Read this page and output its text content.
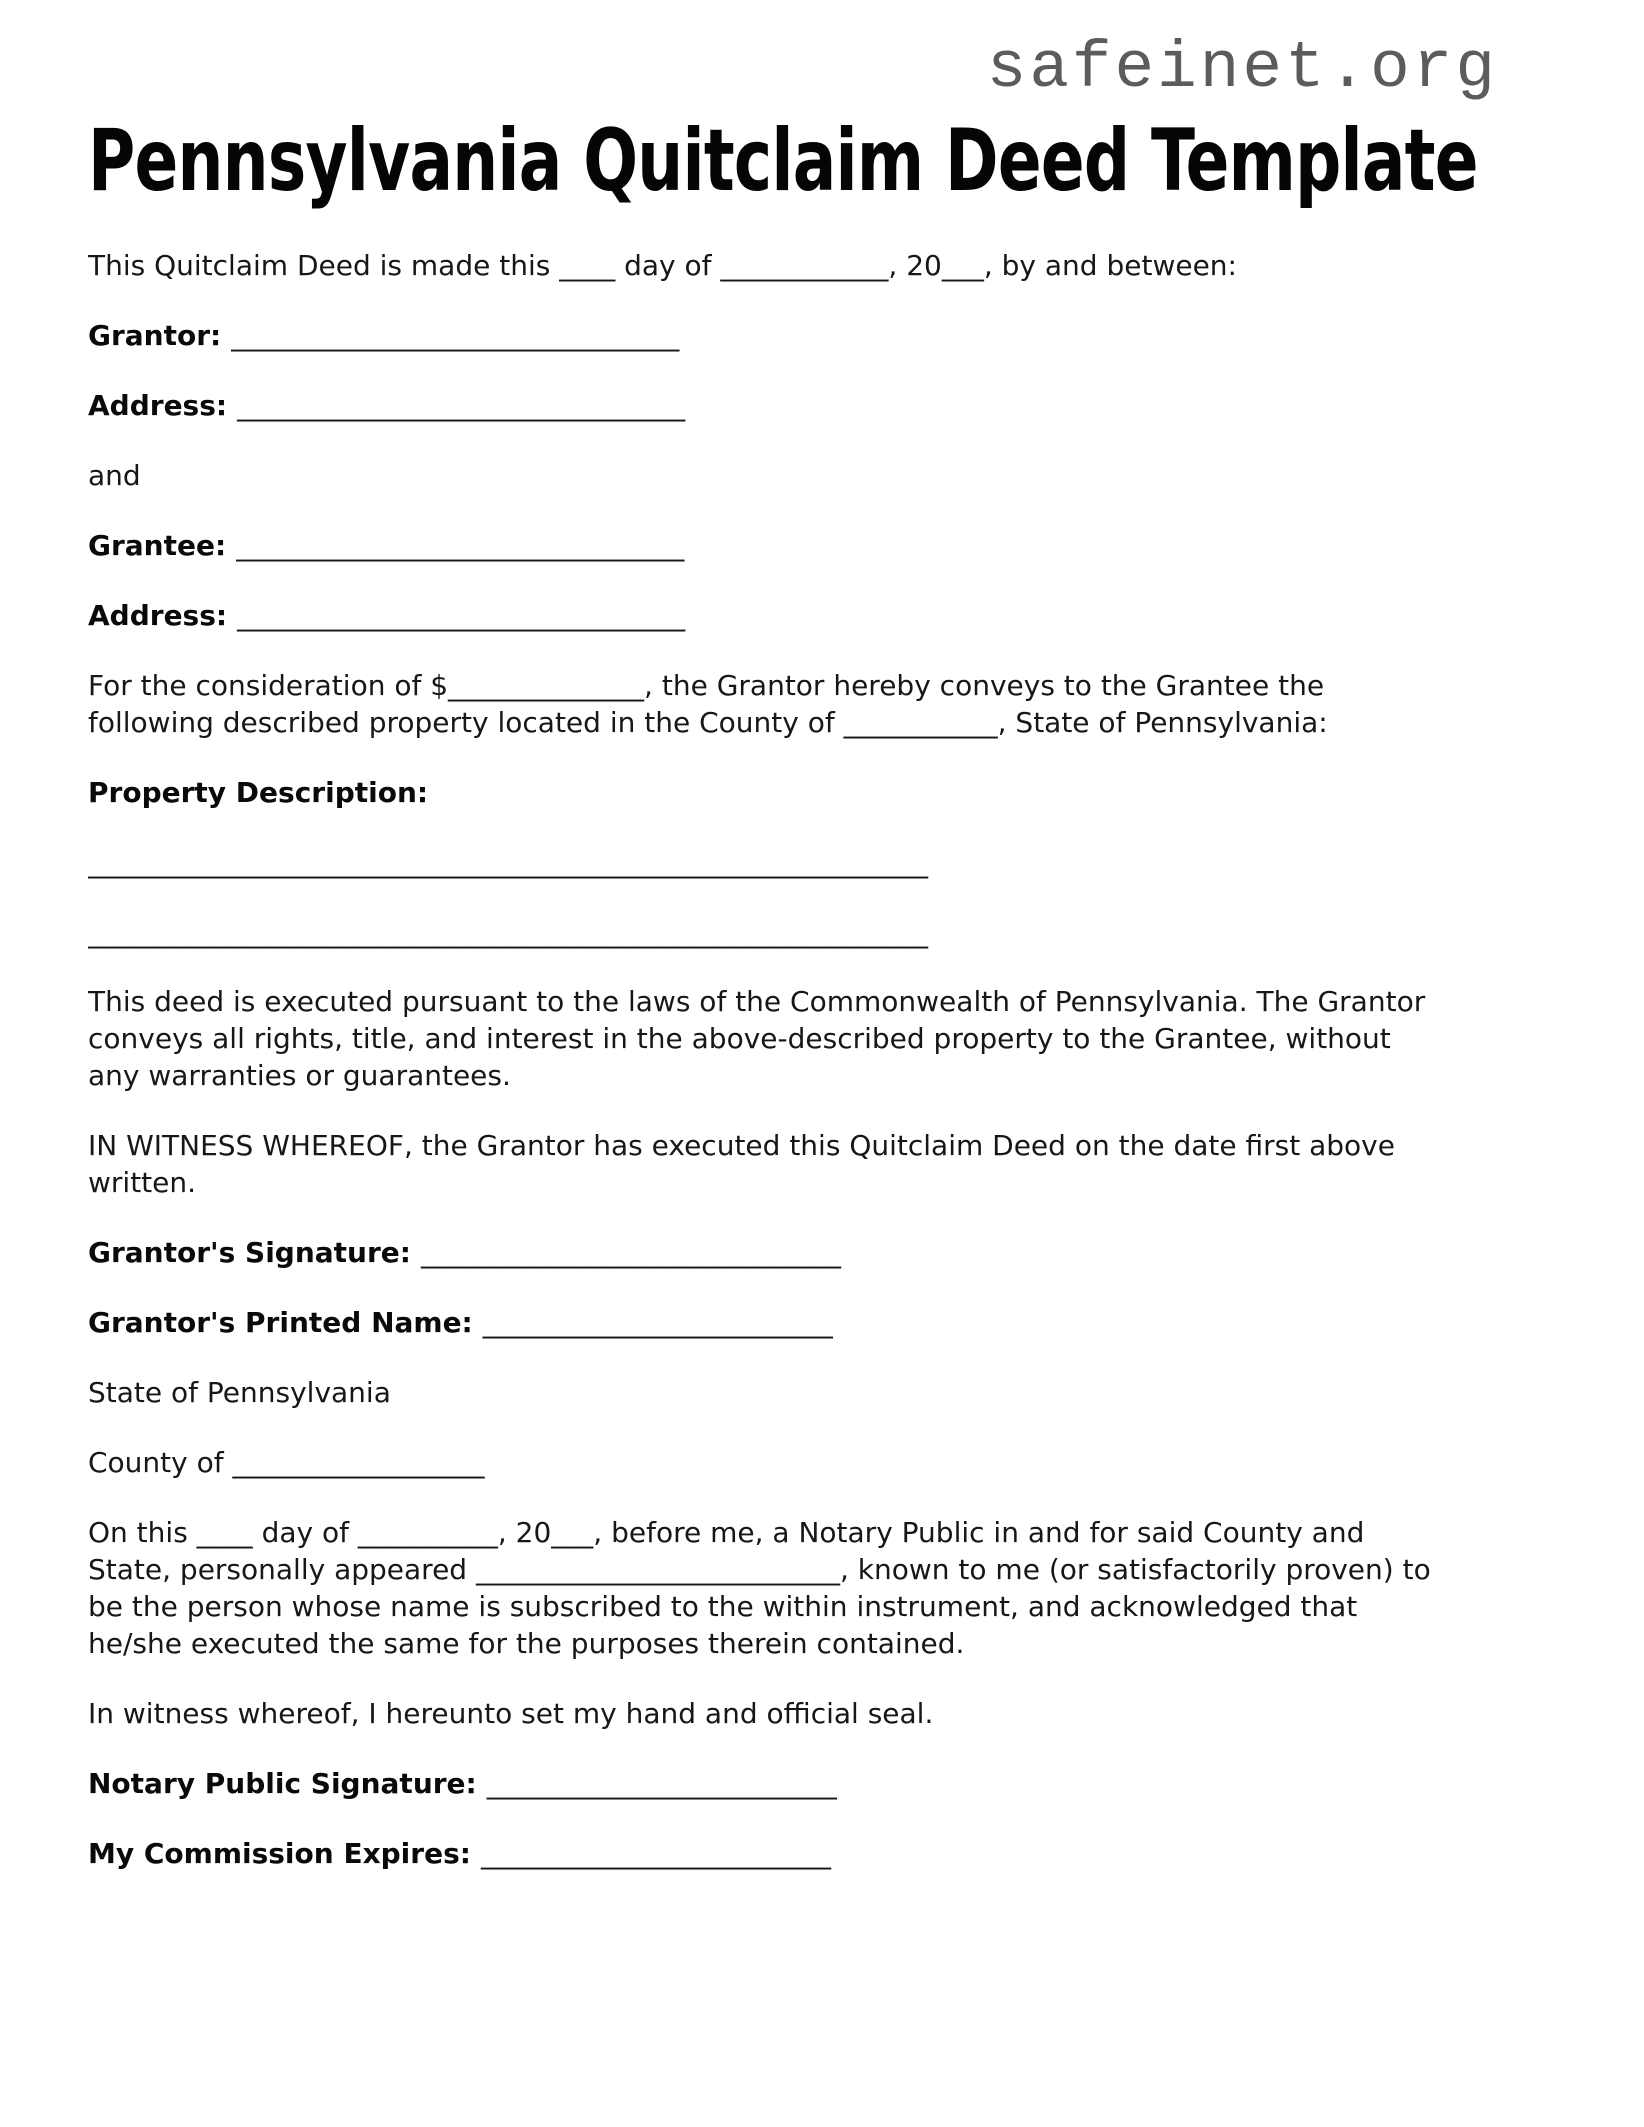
safeinet.org
Pennsylvania Quitclaim Deed Template

This Quitclaim Deed is made this ____ day of ____________, 20___, by and between:

Grantor: ________________________________

Address: ________________________________

and

Grantee: ________________________________

Address: ________________________________

For the consideration of $______________, the Grantor hereby conveys to the Grantee the following described property located in the County of ___________, State of Pennsylvania:

Property Description:

____________________________________________________________

____________________________________________________________

This deed is executed pursuant to the laws of the Commonwealth of Pennsylvania. The Grantor conveys all rights, title, and interest in the above-described property to the Grantee, without any warranties or guarantees.

IN WITNESS WHEREOF, the Grantor has executed this Quitclaim Deed on the date first above written.

Grantor's Signature: ______________________________

Grantor's Printed Name: _________________________

State of Pennsylvania

County of __________________

On this ____ day of __________, 20___, before me, a Notary Public in and for said County and State, personally appeared __________________________, known to me (or satisfactorily proven) to be the person whose name is subscribed to the within instrument, and acknowledged that he/she executed the same for the purposes therein contained.

In witness whereof, I hereunto set my hand and official seal.

Notary Public Signature: _________________________

My Commission Expires: _________________________
